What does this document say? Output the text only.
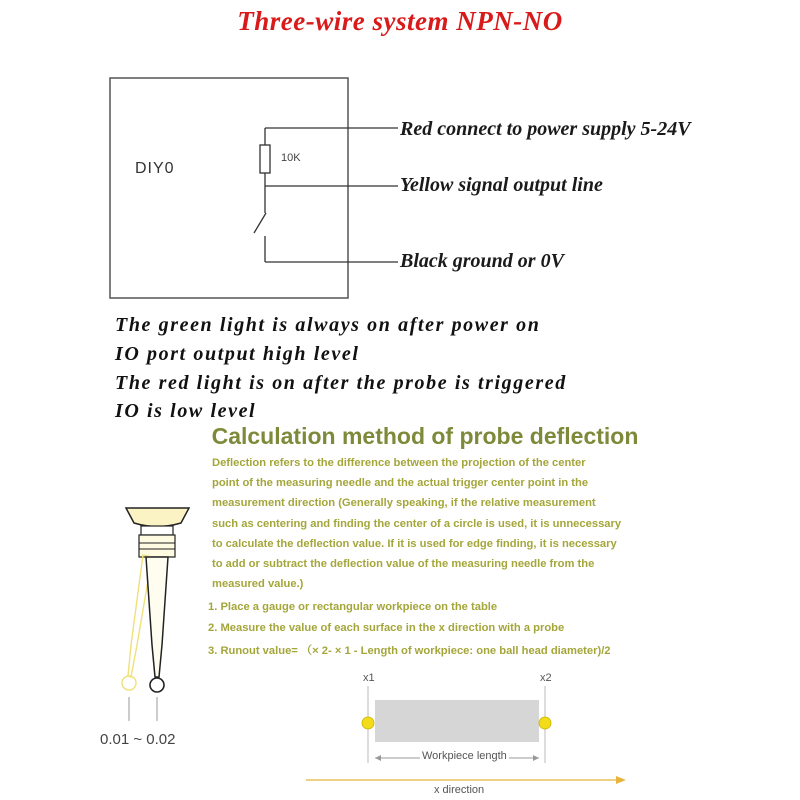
Three-wire system NPN-NO
DIY0
10K
Red connect to power supply 5-24V
Yellow signal output line
Black ground or 0V
The green light is always on after power on
IO port output high level
The red light is on after the probe is triggered
IO is low level
Calculation method of probe deflection
Deflection refers to the difference between the projection of the center
point of the measuring needle and the actual trigger center point in the
measurement direction (Generally speaking, if the relative measurement
such as centering and finding the center of a circle is used, it is unnecessary
to calculate the deflection value. If it is used for edge finding, it is necessary
to add or subtract the deflection value of the measuring needle from the
measured value.)
1. Place a gauge or rectangular workpiece on the table
2. Measure the value of each surface in the x direction with a probe
3. Runout value= （× 2- × 1 - Length of workpiece: one ball head diameter)/2
0.01 ~ 0.02
x1	x2
Workpiece length
x direction
